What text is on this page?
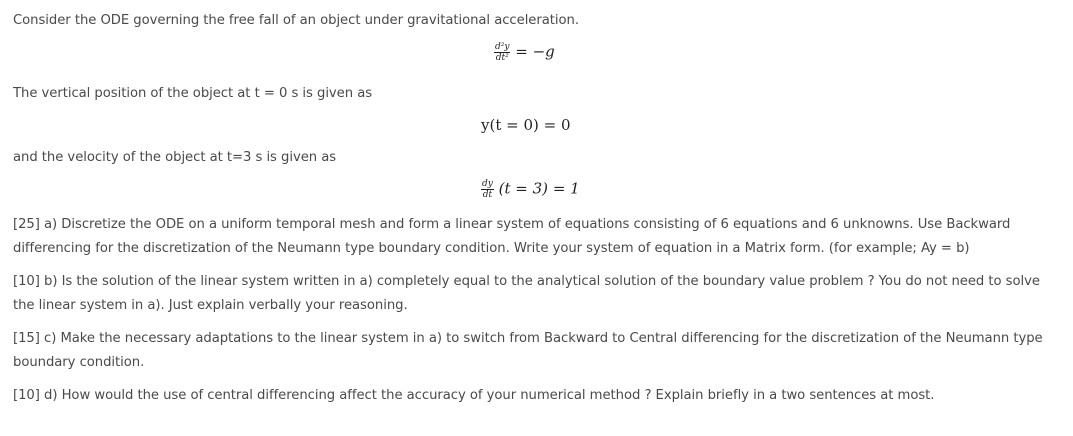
Consider the ODE governing the free fall of an object under gravitational acceleration.
$\frac{\text{d²y}}{\text{dt²}} = -g$
The vertical position of the object at t = 0 s is given as
y(t = 0) = 0
and the velocity of the object at t=3 s is given as
$\frac{dy}{dt} (t = 3) = 1$
[25] a) Discretize the ODE on a uniform temporal mesh and form a linear system of equations consisting of 6 equations and 6 unknowns. Use Backward differencing for the discretization of the Neumann type boundary condition. Write your system of equation in a Matrix form. (for example; Ay = b)
[10] b) Is the solution of the linear system written in a) completely equal to the analytical solution of the boundary value problem ? You do not need to solve the linear system in a). Just explain verbally your reasoning.
[15] c) Make the necessary adaptations to the linear system in a) to switch from Backward to Central differencing for the discretization of the Neumann type boundary condition.
[10] d) How would the use of central differencing affect the accuracy of your numerical method ? Explain briefly in a two sentences at most.
